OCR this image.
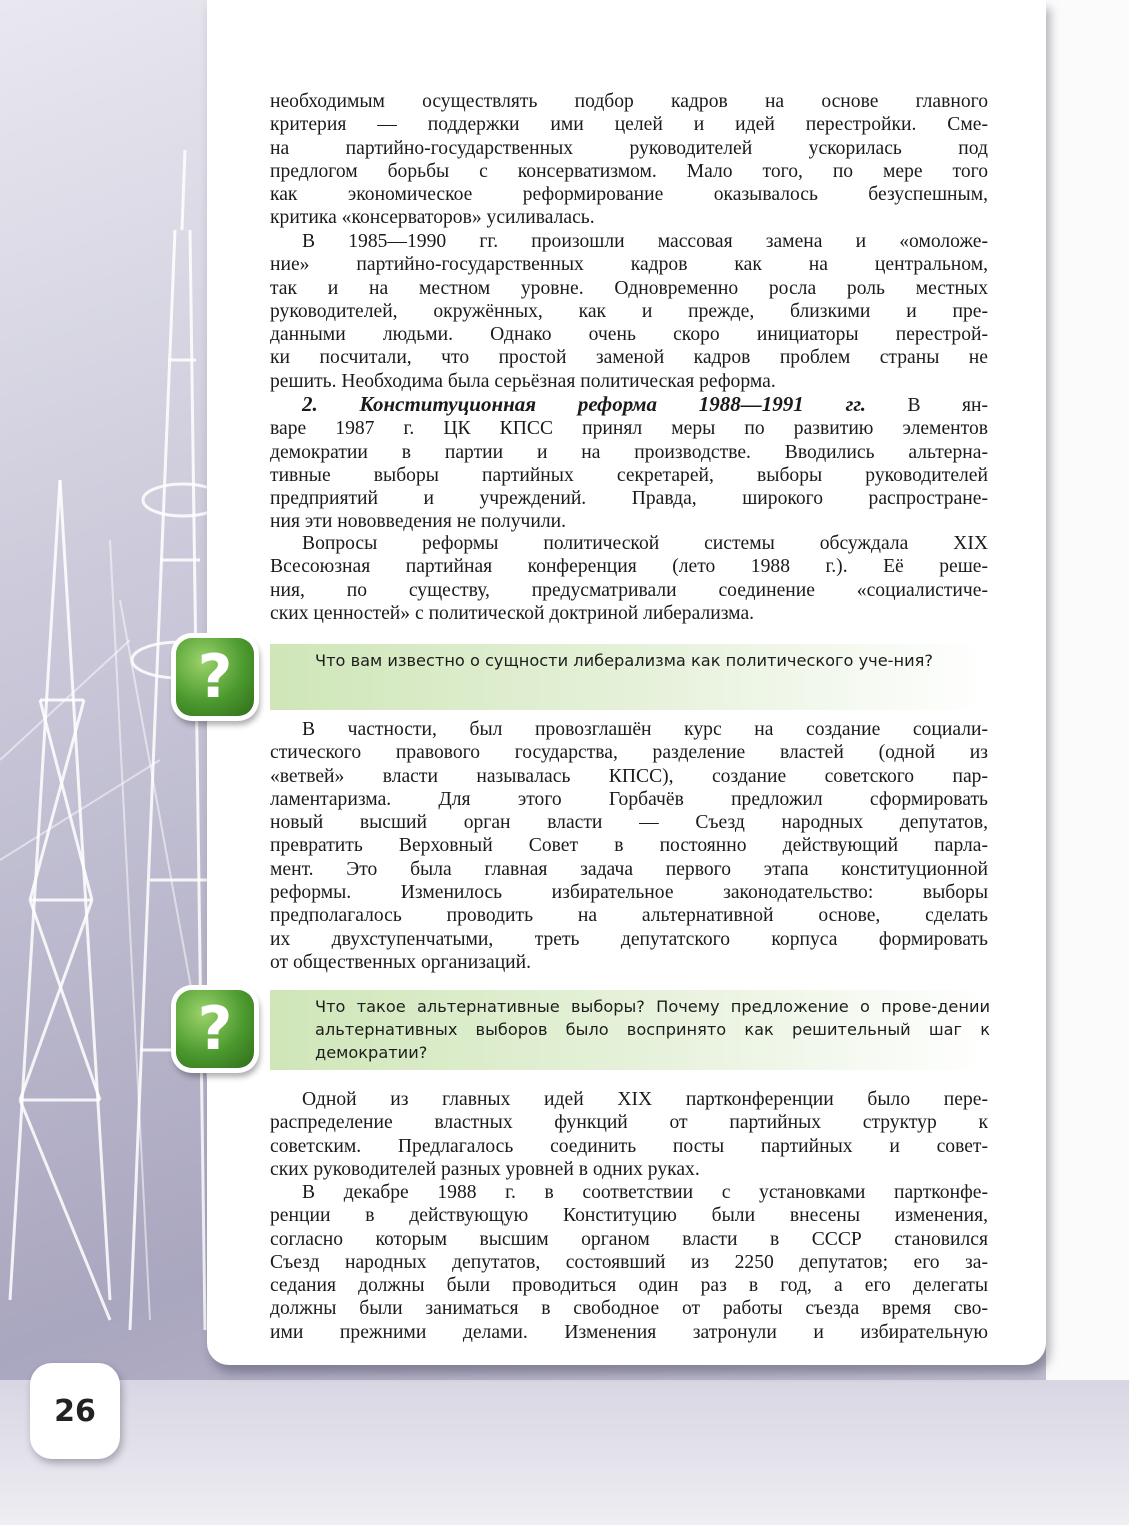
26
необходимым осуществлять подбор кадров на основе главного
критерия — поддержки ими целей и идей перестройки. Сме-
на партийно-государственных руководителей ускорилась под
предлогом борьбы с консерватизмом. Мало того, по мере того
как экономическое реформирование оказывалось безуспешным,
критика «консерваторов» усиливалась.
В 1985—1990 гг. произошли массовая замена и «омоложе-
ние» партийно-государственных кадров как на центральном,
так и на местном уровне. Одновременно росла роль местных
руководителей, окружённых, как и прежде, близкими и пре-
данными людьми. Однако очень скоро инициаторы перестрой-
ки посчитали, что простой заменой кадров проблем страны не
решить. Необходима была серьёзная политическая реформа.
2. Конституционная реформа 1988—1991 гг. В ян-
варе 1987 г. ЦК КПСС принял меры по развитию элементов
демократии в партии и на производстве. Вводились альтерна-
тивные выборы партийных секретарей, выборы руководителей
предприятий и учреждений. Правда, широкого распростране-
ния эти нововведения не получили.
Вопросы реформы политической системы обсуждала XIX
Всесоюзная партийная конференция (лето 1988 г.). Её реше-
ния, по существу, предусматривали соединение «социалистиче-
ских ценностей» с политической доктриной либерализма.
Что вам известно о сущности либерализма как политического уче-ния?
?
В частности, был провозглашён курс на создание социали-
стического правового государства, разделение властей (одной из
«ветвей» власти называлась КПСС), создание советского пар-
ламентаризма. Для этого Горбачёв предложил сформировать
новый высший орган власти — Съезд народных депутатов,
превратить Верховный Совет в постоянно действующий парла-
мент. Это была главная задача первого этапа конституционной
реформы. Изменилось избирательное законодательство: выборы
предполагалось проводить на альтернативной основе, сделать
их двухступенчатыми, треть депутатского корпуса формировать
от общественных организаций.
Что такое альтернативные выборы? Почему предложение о прове-дении альтернативных выборов было воспринято как решительный шаг к демократии?
?
Одной из главных идей XIX партконференции было пере-
распределение властных функций от партийных структур к
советским. Предлагалось соединить посты партийных и совет-
ских руководителей разных уровней в одних руках.
В декабре 1988 г. в соответствии с установками партконфе-
ренции в действующую Конституцию были внесены изменения,
согласно которым высшим органом власти в СССР становился
Съезд народных депутатов, состоявший из 2250 депутатов; его за-
седания должны были проводиться один раз в год, а его делегаты
должны были заниматься в свободное от работы съезда время сво-
ими прежними делами. Изменения затронули и избирательную
